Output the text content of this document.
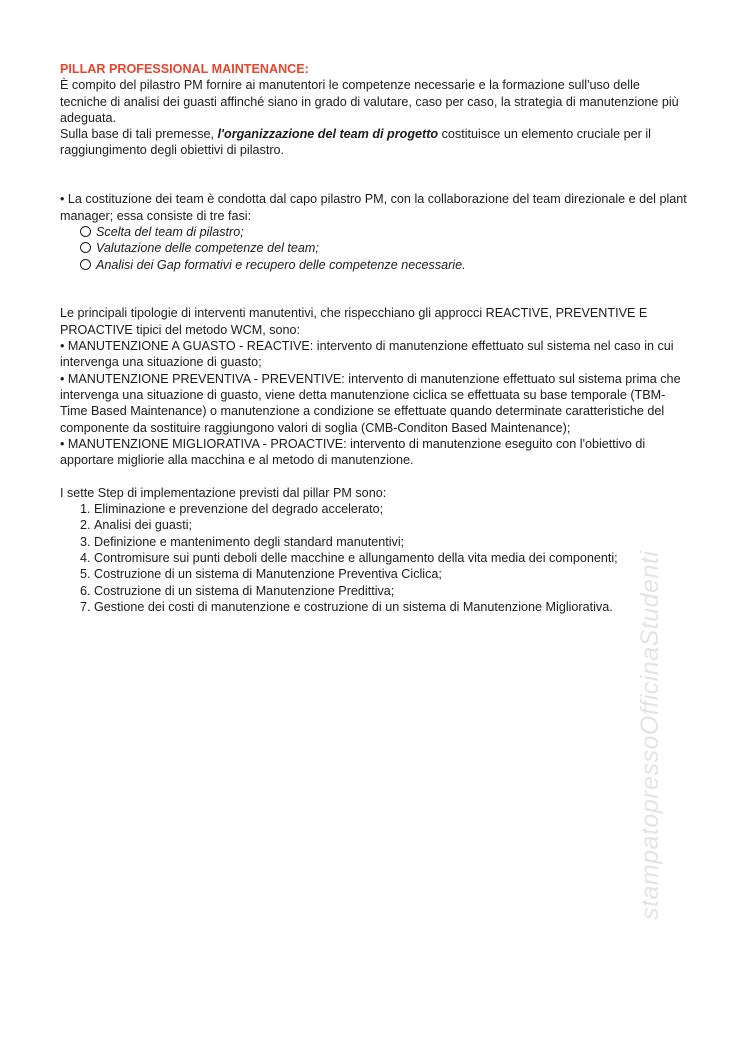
PILLAR PROFESSIONAL MAINTENANCE:

È compito del pilastro PM fornire ai manutentori le competenze necessarie e la formazione sull'uso delle tecniche di analisi dei guasti affinché siano in grado di valutare, caso per caso, la strategia di manutenzione più adeguata.

Sulla base di tali premesse, l'organizzazione del team di progetto costituisce un elemento cruciale per il raggiungimento degli obiettivi di pilastro.

• La costituzione dei team è condotta dal capo pilastro PM, con la collaborazione del team direzionale e del plant manager; essa consiste di tre fasi:

Scelta del team di pilastro;

Valutazione delle competenze del team;

Analisi dei Gap formativi e recupero delle competenze necessarie.

Le principali tipologie di interventi manutentivi, che rispecchiano gli approcci REACTIVE, PREVENTIVE E PROACTIVE tipici del metodo WCM, sono:

• MANUTENZIONE A GUASTO - REACTIVE: intervento di manutenzione effettuato sul sistema nel caso in cui intervenga una situazione di guasto;

• MANUTENZIONE PREVENTIVA - PREVENTIVE: intervento di manutenzione effettuato sul sistema prima che intervenga una situazione di guasto, viene detta manutenzione ciclica se effettuata su base temporale (TBM-Time Based Maintenance) o manutenzione a condizione se effettuate quando determinate caratteristiche del componente da sostituire raggiungono valori di soglia (CMB-Conditon Based Maintenance);

• MANUTENZIONE MIGLIORATIVA - PROACTIVE: intervento di manutenzione eseguito con l'obiettivo di apportare migliorie alla macchina e al metodo di manutenzione.

I sette Step di implementazione previsti dal pillar PM sono:

1. Eliminazione e prevenzione del degrado accelerato;
2. Analisi dei guasti;
3. Definizione e mantenimento degli standard manutentivi;
4. Contromisure sui punti deboli delle macchine e allungamento della vita media dei componenti;
5. Costruzione di un sistema di Manutenzione Preventiva Ciclica;
6. Costruzione di un sistema di Manutenzione Predittiva;
7. Gestione dei costi di manutenzione e costruzione di un sistema di Manutenzione Migliorativa. stampatopressoOfficinaStudenti
